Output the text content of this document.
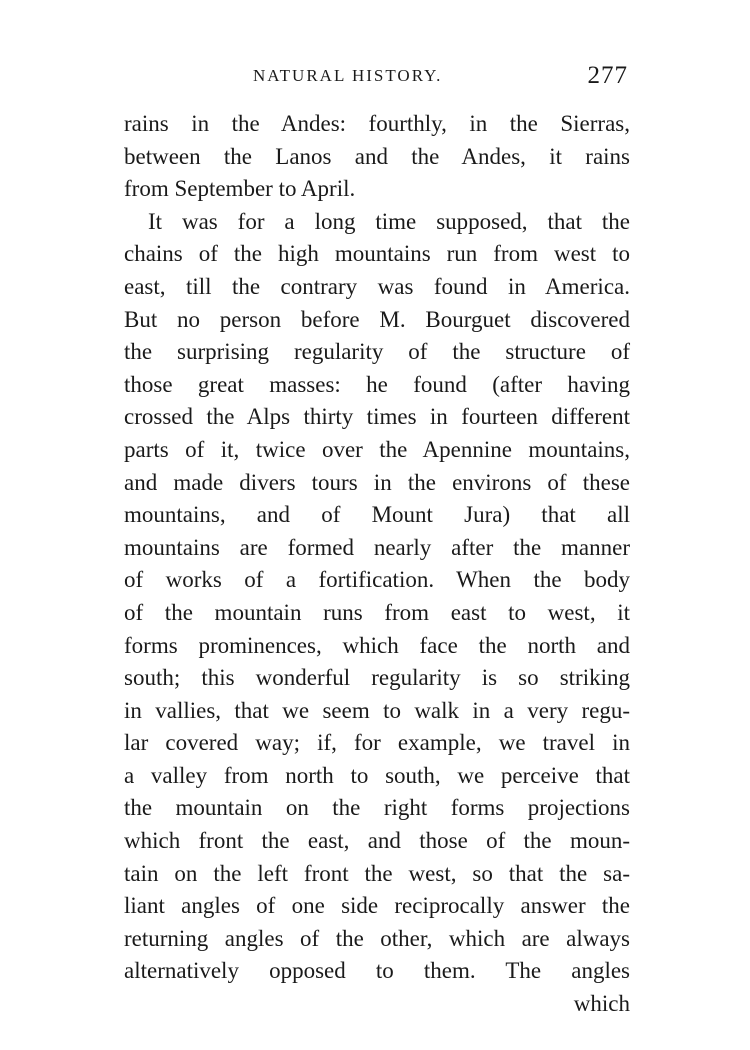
NATURAL HISTORY.	277
rains in the Andes: fourthly, in the Sierras,
between the Lanos and the Andes, it rains
from September to April.
It was for a long time supposed, that the
chains of the high mountains run from west to
east, till the contrary was found in America.
But no person before M. Bourguet discovered
the surprising regularity of the structure of
those great masses: he found (after having
crossed the Alps thirty times in fourteen different
parts of it, twice over the Apennine mountains,
and made divers tours in the environs of these
mountains, and of Mount Jura) that all
mountains are formed nearly after the manner
of works of a fortification. When the body
of the mountain runs from east to west, it
forms prominences, which face the north and
south; this wonderful regularity is so striking
in vallies, that we seem to walk in a very regu-
lar covered way; if, for example, we travel in
a valley from north to south, we perceive that
the mountain on the right forms projections
which front the east, and those of the moun-
tain on the left front the west, so that the sa-
liant angles of one side reciprocally answer the
returning angles of the other, which are always
alternatively opposed to them. The angles
which
